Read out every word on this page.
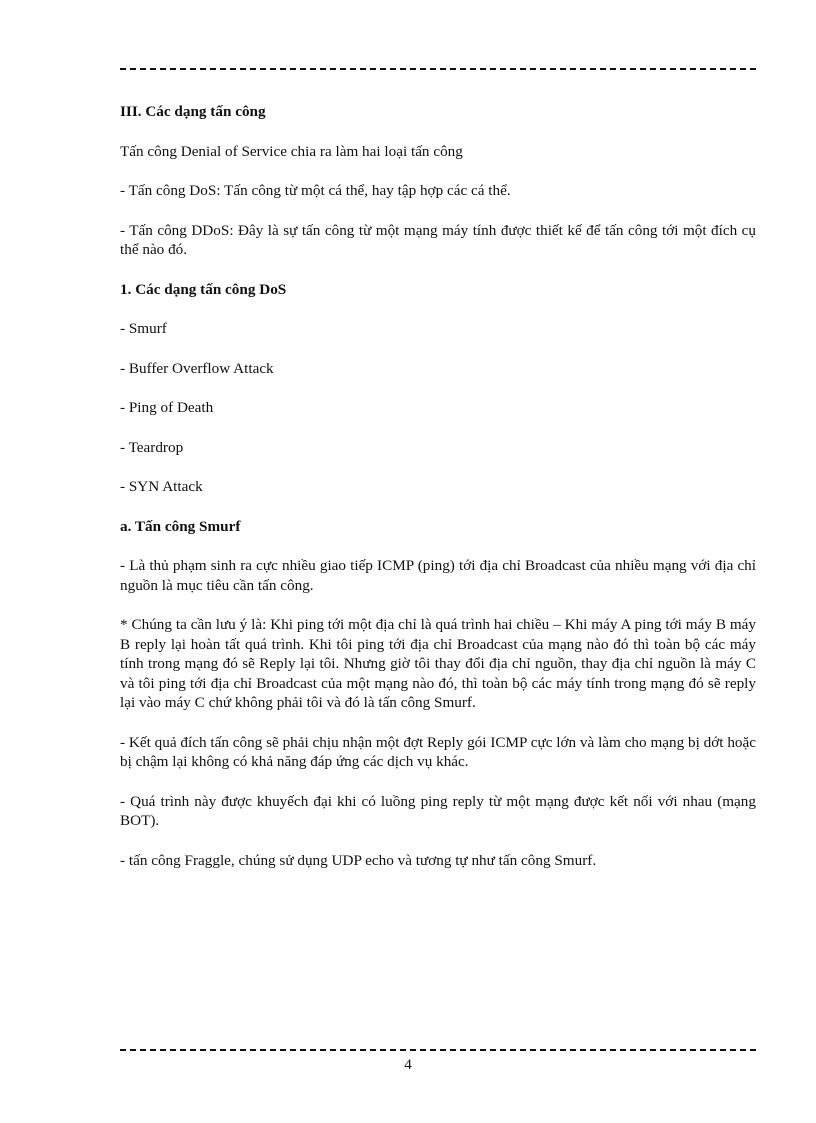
III. Các dạng tấn công

Tấn công Denial of Service chia ra làm hai loại tấn công

- Tấn công DoS: Tấn công từ một cá thể, hay tập hợp các cá thể.

- Tấn công DDoS: Đây là sự tấn công từ một mạng máy tính được thiết kế để tấn công tới một đích cụ thể nào đó.

1. Các dạng tấn công DoS

- Smurf

- Buffer Overflow Attack

- Ping of Death

- Teardrop

- SYN Attack

a. Tấn công Smurf

- Là thủ phạm sinh ra cực nhiều giao tiếp ICMP (ping) tới địa chỉ Broadcast của nhiều mạng với địa chỉ nguồn là mục tiêu cần tấn công.

* Chúng ta cần lưu ý là: Khi ping tới một địa chỉ là quá trình hai chiều – Khi máy A ping tới máy B máy B reply lại hoàn tất quá trình. Khi tôi ping tới địa chỉ Broadcast của mạng nào đó thì toàn bộ các máy tính trong mạng đó sẽ Reply lại tôi. Nhưng giờ tôi thay đổi địa chỉ nguồn, thay địa chỉ nguồn là máy C và tôi ping tới địa chỉ Broadcast của một mạng nào đó, thì toàn bộ các máy tính trong mạng đó sẽ reply lại vào máy C chứ không phải tôi và đó là tấn công Smurf.

- Kết quả đích tấn công sẽ phải chịu nhận một đợt Reply gói ICMP cực lớn và làm cho mạng bị dớt hoặc bị chậm lại không có khả năng đáp ứng các dịch vụ khác.

- Quá trình này được khuyếch đại khi có luồng ping reply từ một mạng được kết nối với nhau (mạng BOT).

- tấn công Fraggle, chúng sử dụng UDP echo và tương tự như tấn công Smurf.

4
